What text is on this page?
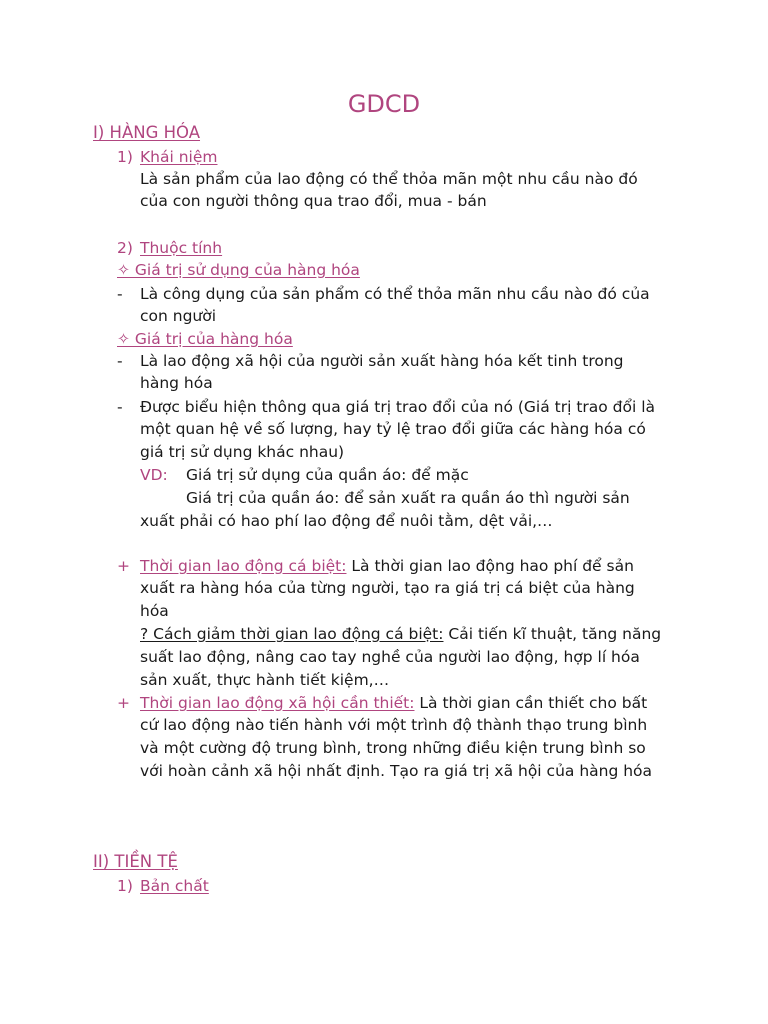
GDCD
I) HÀNG HÓA
1) Khái niệm
Là sản phẩm của lao động có thể thỏa mãn một nhu cầu nào đó
của con người thông qua trao đổi, mua - bán
2) Thuộc tính
✧ Giá trị sử dụng của hàng hóa
- Là công dụng của sản phẩm có thể thỏa mãn nhu cầu nào đó của
con người
✧ Giá trị của hàng hóa
- Là lao động xã hội của người sản xuất hàng hóa kết tinh trong
hàng hóa
- Được biểu hiện thông qua giá trị trao đổi của nó (Giá trị trao đổi là
một quan hệ về số lượng, hay tỷ lệ trao đổi giữa các hàng hóa có
giá trị sử dụng khác nhau)
VD: Giá trị sử dụng của quần áo: để mặc
Giá trị của quần áo: để sản xuất ra quần áo thì người sản
xuất phải có hao phí lao động để nuôi tằm, dệt vải,…
+ Thời gian lao động cá biệt: Là thời gian lao động hao phí để sản
xuất ra hàng hóa của từng người, tạo ra giá trị cá biệt của hàng
hóa
? Cách giảm thời gian lao động cá biệt: Cải tiến kĩ thuật, tăng năng
suất lao động, nâng cao tay nghề của người lao động, hợp lí hóa
sản xuất, thực hành tiết kiệm,…
+ Thời gian lao động xã hội cần thiết: Là thời gian cần thiết cho bất
cứ lao động nào tiến hành với một trình độ thành thạo trung bình
và một cường độ trung bình, trong những điều kiện trung bình so
với hoàn cảnh xã hội nhất định. Tạo ra giá trị xã hội của hàng hóa
II) TIỀN TỆ
1) Bản chất
